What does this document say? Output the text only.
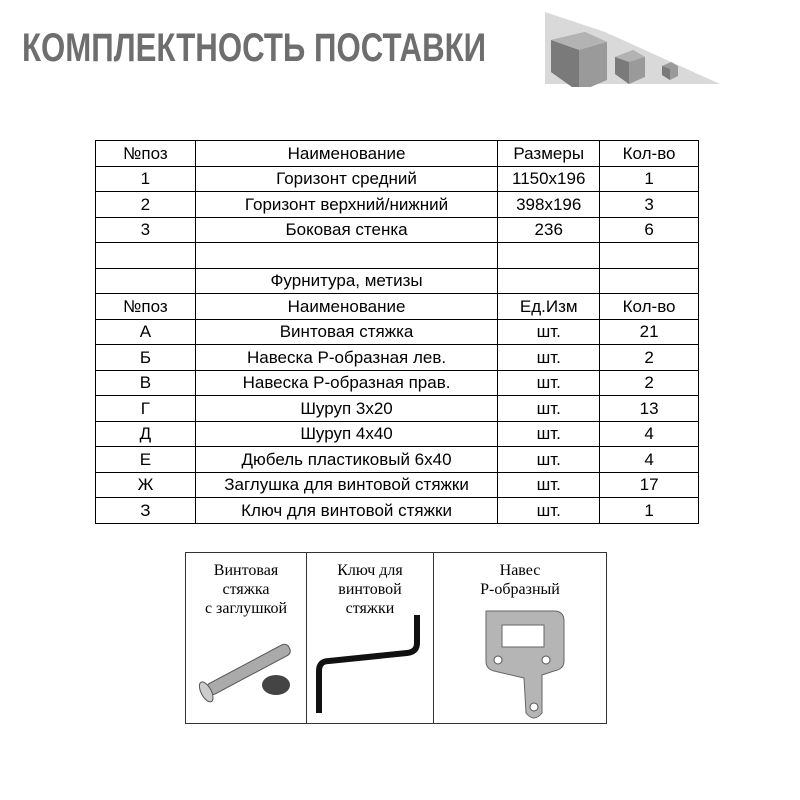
КОМПЛЕКТНОСТЬ ПОСТАВКИ
№поз	Наименование	Размеры	Кол-во
1	Горизонт средний	1150х196	1
2	Горизонт верхний/нижний	398х196	3
3	Боковая стенка	236	6

	Фурнитура, метизы		
№поз	Наименование	Ед.Изм	Кол-во
А	Винтовая стяжка	шт.	21
Б	Навеска Р-образная лев.	шт.	2
В	Навеска Р-образная прав.	шт.	2
Г	Шуруп 3х20	шт.	13
Д	Шуруп 4х40	шт.	4
Е	Дюбель пластиковый 6х40	шт.	4
Ж	Заглушка для винтовой стяжки	шт.	17
З	Ключ для винтовой стяжки	шт.	1
Винтовая
стяжка
с заглушкой
Ключ для
винтовой
стяжки
Навес
Р-образный
